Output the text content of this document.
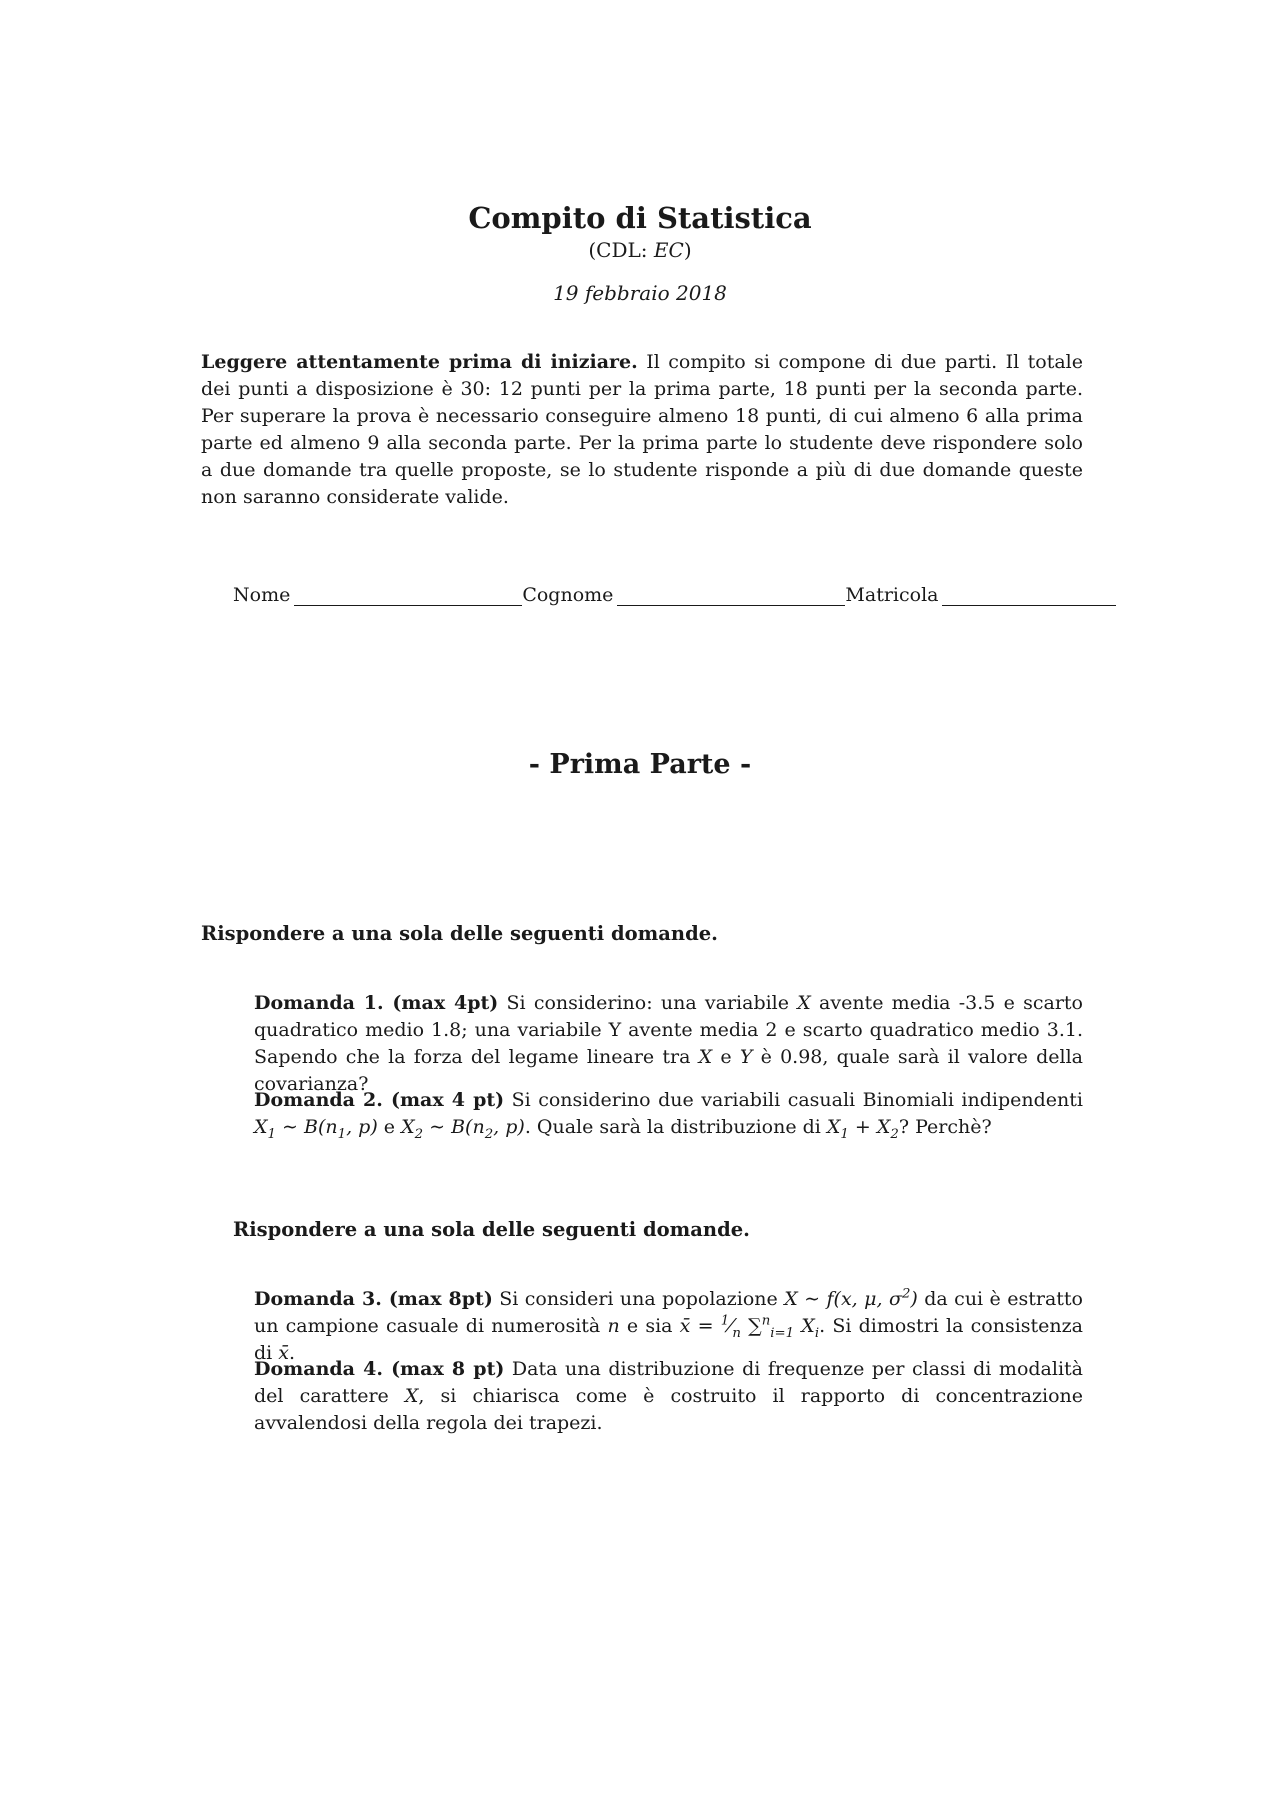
Compito di Statistica
(CDL: EC)
19 febbraio 2018
Leggere attentamente prima di iniziare. Il compito si compone di due parti. Il totale dei punti a disposizione è 30: 12 punti per la prima parte, 18 punti per la seconda parte. Per superare la prova è necessario conseguire almeno 18 punti, di cui almeno 6 alla prima parte ed almeno 9 alla seconda parte. Per la prima parte lo studente deve rispondere solo a due domande tra quelle proposte, se lo studente risponde a più di due domande queste non saranno considerate valide.
Nome	Cognome	Matricola
- Prima Parte -
Rispondere a una sola delle seguenti domande.
Domanda 1. (max 4pt) Si considerino: una variabile X avente media -3.5 e scarto quadratico medio 1.8; una variabile Y avente media 2 e scarto quadratico medio 3.1. Sapendo che la forza del legame lineare tra X e Y è 0.98, quale sarà il valore della covarianza?
Domanda 2. (max 4 pt) Si considerino due variabili casuali Binomiali indipendenti $X_1$ ∼ $B(n_1$, p) e $X_2$ ∼ $B(n_2$, p). Quale sarà la distribuzione di $X_1 + X_2$? Perchè?
Rispondere a una sola delle seguenti domande.
Domanda 3. (max 8pt) Si consideri una popolazione X ∼ f(x, μ, $\sigma^2$) da cui è estratto un campione casuale di numerosità n e sia x̄ = $^1⁄_n$ ∑$^n_{i=1}$ $X_i$. Si dimostri la consistenza di x̄.
Domanda 4. (max 8 pt) Data una distribuzione di frequenze per classi di modalità del carattere X, si chiarisca come è costruito il rapporto di concentrazione avvalendosi della regola dei trapezi.
